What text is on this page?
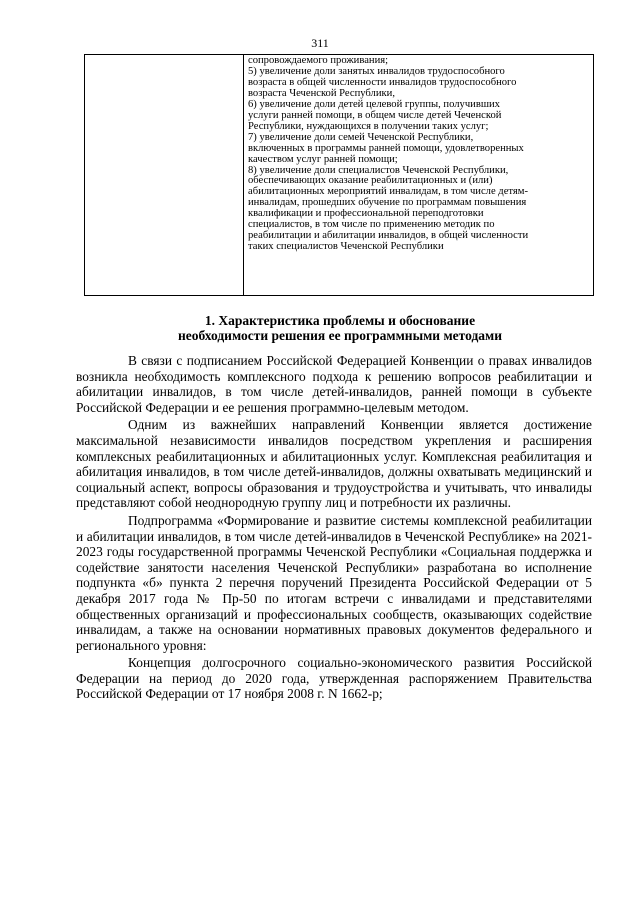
311
сопровождаемого проживания;
5) увеличение доли занятых инвалидов трудоспособного
возраста в общей численности инвалидов трудоспособного
возраста Чеченской Республики,
6) увеличение доли детей целевой группы, получивших
услуги ранней помощи, в общем числе детей Чеченской
Республики, нуждающихся в получении таких услуг;
7) увеличение доли семей Чеченской Республики,
включенных в программы ранней помощи, удовлетворенных
качеством услуг ранней помощи;
8) увеличение доли специалистов Чеченской Республики,
обеспечивающих оказание реабилитационных и (или)
абилитационных мероприятий инвалидам, в том числе детям-
инвалидам, прошедших обучение по программам повышения
квалификации и профессиональной переподготовки
специалистов, в том числе по применению методик по
реабилитации и абилитации инвалидов, в общей численности
таких специалистов Чеченской Республики
1. Характеристика проблемы и обоснование
необходимости решения ее программными методами

В связи с подписанием Российской Федерацией Конвенции о правах инвалидов возникла необходимость комплексного подхода к решению вопросов реабилитации и абилитации инвалидов, в том числе детей-инвалидов, ранней помощи в субъекте Российской Федерации и ее решения программно-целевым методом.

Одним из важнейших направлений Конвенции является достижение максимальной независимости инвалидов посредством укрепления и расширения комплексных реабилитационных и абилитационных услуг. Комплексная реабилитация и абилитация инвалидов, в том числе детей-инвалидов, должны охватывать медицинский и социальный аспект, вопросы образования и трудоустройства и учитывать, что инвалиды представляют собой неоднородную группу лиц и потребности их различны.

Подпрограмма «Формирование и развитие системы комплексной реабилитации и абилитации инвалидов, в том числе детей-инвалидов в Чеченской Республике» на 2021-2023 годы государственной программы Чеченской Республики «Социальная поддержка и содействие занятости населения Чеченской Республики» разработана во исполнение подпункта «б» пункта 2 перечня поручений Президента Российской Федерации от 5 декабря 2017 года № Пр-50 по итогам встречи с инвалидами и представителями общественных организаций и профессиональных сообществ, оказывающих содействие инвалидам, а также на основании нормативных правовых документов федерального и регионального уровня:

Концепция долгосрочного социально-экономического развития Российской Федерации на период до 2020 года, утвержденная распоряжением Правительства Российской Федерации от 17 ноября 2008 г. N 1662-р;
